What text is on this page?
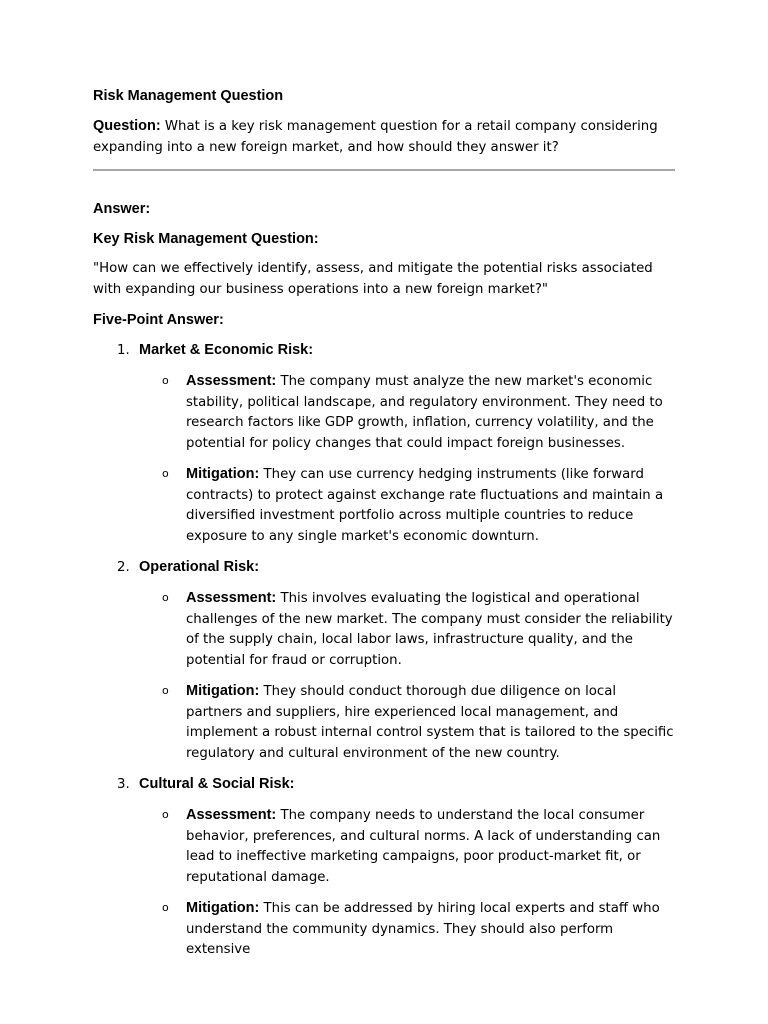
Risk Management Question

Question: What is a key risk management question for a retail company considering expanding into a new foreign market, and how should they answer it?

Answer:

Key Risk Management Question:

"How can we effectively identify, assess, and mitigate the potential risks associated with expanding our business operations into a new foreign market?"

Five-Point Answer:

1. Market & Economic Risk:
o	Assessment: The company must analyze the new market's economic stability, political landscape, and regulatory environment. They need to research factors like GDP growth, inflation, currency volatility, and the potential for policy changes that could impact foreign businesses.
o	Mitigation: They can use currency hedging instruments (like forward contracts) to protect against exchange rate fluctuations and maintain a diversified investment portfolio across multiple countries to reduce exposure to any single market's economic downturn.
2. Operational Risk:
o	Assessment: This involves evaluating the logistical and operational challenges of the new market. The company must consider the reliability of the supply chain, local labor laws, infrastructure quality, and the potential for fraud or corruption.
o	Mitigation: They should conduct thorough due diligence on local partners and suppliers, hire experienced local management, and implement a robust internal control system that is tailored to the specific regulatory and cultural environment of the new country.
3. Cultural & Social Risk:
o	Assessment: The company needs to understand the local consumer behavior, preferences, and cultural norms. A lack of understanding can lead to ineffective marketing campaigns, poor product-market fit, or reputational damage.
o	Mitigation: This can be addressed by hiring local experts and staff who understand the community dynamics. They should also perform extensive
